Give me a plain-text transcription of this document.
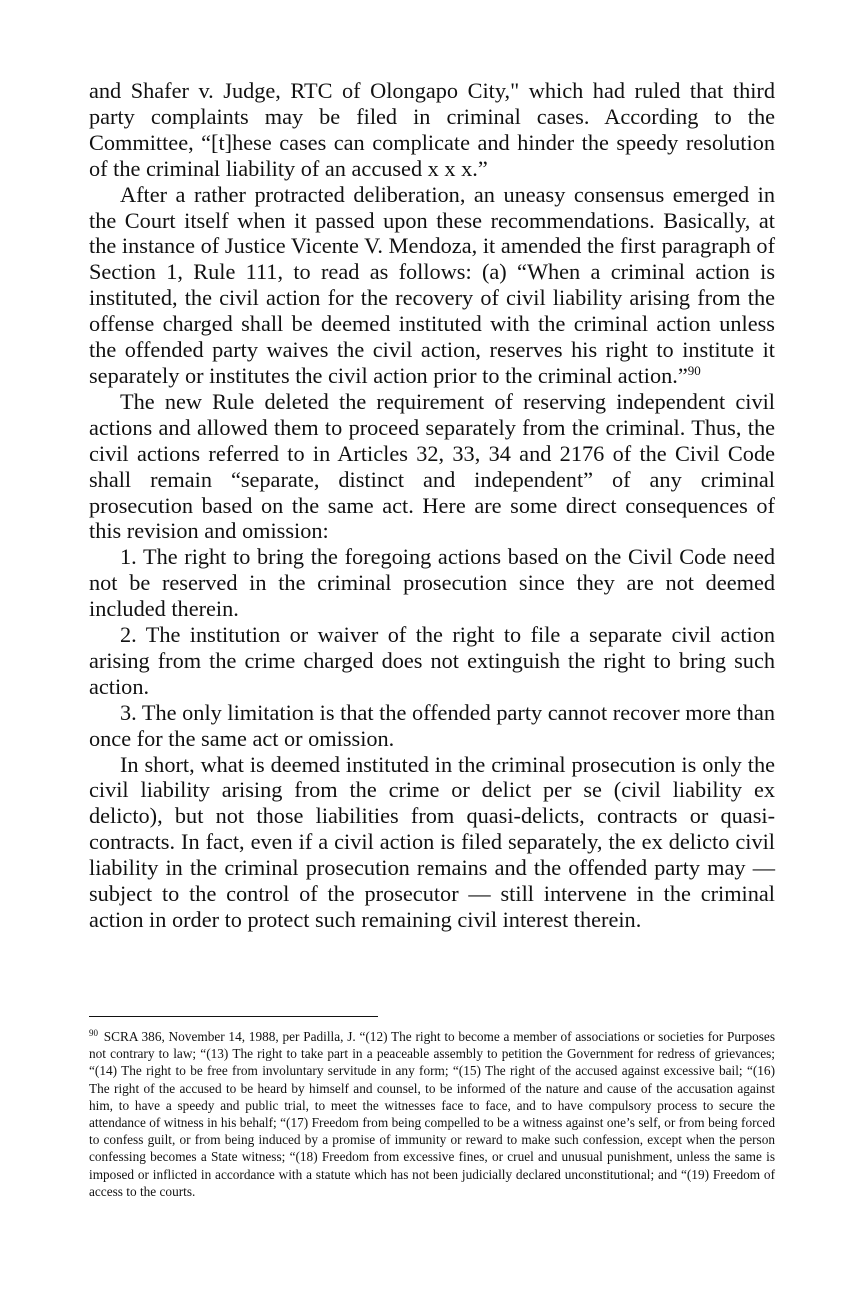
and Shafer v. Judge, RTC of Olongapo City," which had ruled that third party complaints may be filed in criminal cases. According to the Committee, “[t]hese cases can complicate and hinder the speedy resolution of the criminal liability of an accused x x x.”

After a rather protracted deliberation, an uneasy consensus emerged in the Court itself when it passed upon these recommendations. Basically, at the instance of Justice Vicente V. Mendoza, it amended the first paragraph of Section 1, Rule 111, to read as follows: (a) “When a criminal action is instituted, the civil action for the recovery of civil liability arising from the offense charged shall be deemed instituted with the criminal action unless the offended party waives the civil action, reserves his right to institute it separately or institutes the civil action prior to the criminal action.”$^{90}$

The new Rule deleted the requirement of reserving independent civil actions and allowed them to proceed separately from the criminal. Thus, the civil actions referred to in Articles 32, 33, 34 and 2176 of the Civil Code shall remain “separate, distinct and independent” of any criminal prosecution based on the same act. Here are some direct consequences of this revision and omission:

1. The right to bring the foregoing actions based on the Civil Code need not be reserved in the criminal prosecution since they are not deemed included therein.

2. The institution or waiver of the right to file a separate civil action arising from the crime charged does not extinguish the right to bring such action.

3. The only limitation is that the offended party cannot recover more than once for the same act or omission.

In short, what is deemed instituted in the criminal prosecution is only the civil liability arising from the crime or delict per se (civil liability ex delicto), but not those liabilities from quasi-delicts, contracts or quasi-contracts. In fact, even if a civil action is filed separately, the ex delicto civil liability in the criminal prosecution remains and the offended party may — subject to the control of the prosecutor — still intervene in the criminal action in order to protect such remaining civil interest therein.

$^{90}$ SCRA 386, November 14, 1988, per Padilla, J. “(12) The right to become a member of associations or societies for Purposes not contrary to law; “(13) The right to take part in a peaceable assembly to petition the Government for redress of grievances; “(14) The right to be free from involuntary servitude in any form; “(15) The right of the accused against excessive bail; “(16) The right of the accused to be heard by himself and counsel, to be informed of the nature and cause of the accusation against him, to have a speedy and public trial, to meet the witnesses face to face, and to have compulsory process to secure the attendance of witness in his behalf; “(17) Freedom from being compelled to be a witness against one’s self, or from being forced to confess guilt, or from being induced by a promise of immunity or reward to make such confession, except when the person confessing becomes a State witness; “(18) Freedom from excessive fines, or cruel and unusual punishment, unless the same is imposed or inflicted in accordance with a statute which has not been judicially declared unconstitutional; and “(19) Freedom of access to the courts.
